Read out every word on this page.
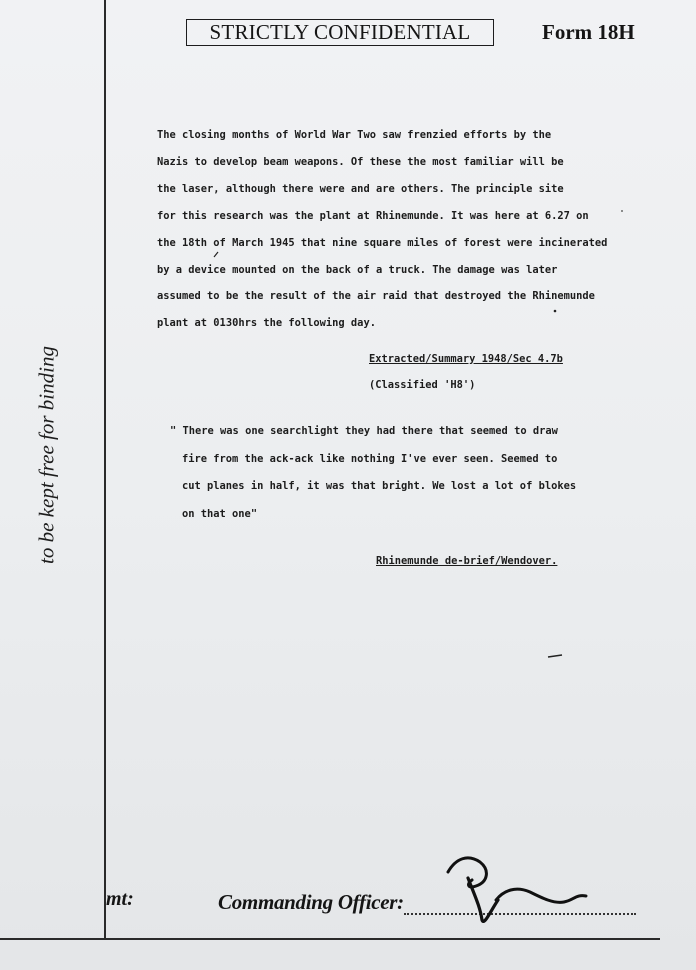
to be kept free for binding
STRICTLY CONFIDENTIAL	Form 18H
The closing months of World War Two saw frenzied efforts by the
Nazis to develop beam weapons. Of these the most familiar will be
the laser, although there were and are others. The principle site
for this research was the plant at Rhinemunde. It was here at 6.27 on
the 18th of March 1945 that nine square miles of forest were incinerated
by a device mounted on the back of a truck. The damage was later
assumed to be the result of the air raid that destroyed the Rhinemunde
plant at 0130hrs the following day.
Extracted/Summary 1948/Sec 4.7b
(Classified 'H8')
" There was one searchlight they had there that seemed to draw
fire from the ack-ack like nothing I've ever seen. Seemed to
cut planes in half, it was that bright. We lost a lot of blokes
on that one"
Rhinemunde de-brief/Wendover.
mt:	Commanding Officer:
